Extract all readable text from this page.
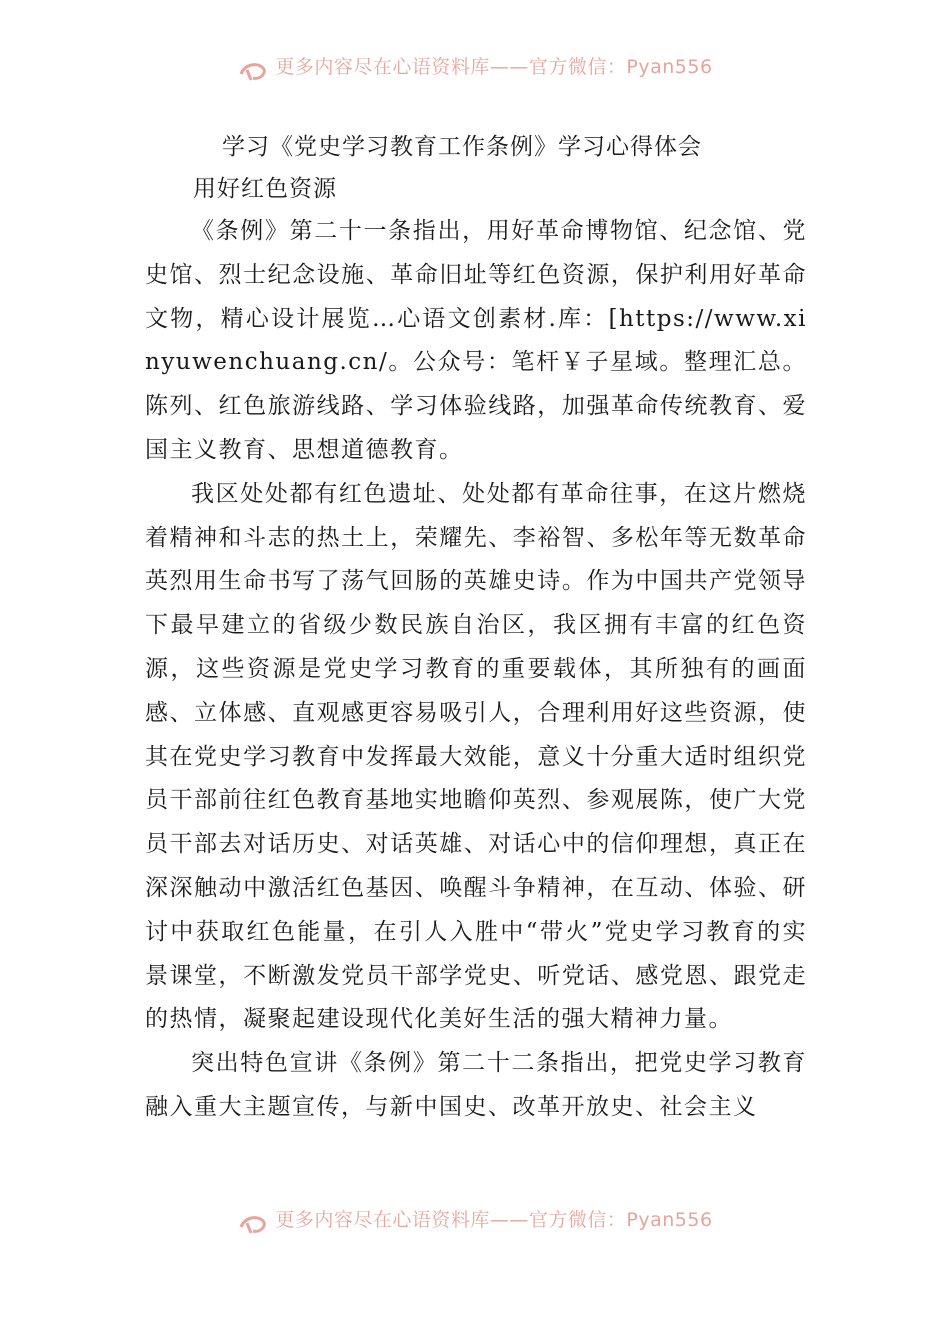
更多内容尽在心语资料库——官方微信：Pyan556
学习《党史学习教育工作条例》学习心得体会
用好红色资源

《条例》第二十一条指出，用好革命博物馆、纪念馆、党史馆、烈士纪念设施、革命旧址等红色资源，保护利用好革命文物，精心设计展览…心语文创素材.库：[https://www.xinyuwenchuang.cn/。公众号：笔杆￥子星域。整理汇总。陈列、红色旅游线路、学习体验线路，加强革命传统教育、爱国主义教育、思想道德教育。

我区处处都有红色遗址、处处都有革命往事，在这片燃烧着精神和斗志的热土上，荣耀先、李裕智、多松年等无数革命英烈用生命书写了荡气回肠的英雄史诗。作为中国共产党领导下最早建立的省级少数民族自治区，我区拥有丰富的红色资源，这些资源是党史学习教育的重要载体，其所独有的画面感、立体感、直观感更容易吸引人，合理利用好这些资源，使其在党史学习教育中发挥最大效能，意义十分重大适时组织党员干部前往红色教育基地实地瞻仰英烈、参观展陈，使广大党员干部去对话历史、对话英雄、对话心中的信仰理想，真正在深深触动中激活红色基因、唤醒斗争精神，在互动、体验、研讨中获取红色能量，在引人入胜中“带火”党史学习教育的实景课堂，不断激发党员干部学党史、听党话、感党恩、跟党走的热情，凝聚起建设现代化美好生活的强大精神力量。

突出特色宣讲《条例》第二十二条指出，把党史学习教育融入重大主题宣传，与新中国史、改革开放史、社会主义

更多内容尽在心语资料库——官方微信：Pyan556
